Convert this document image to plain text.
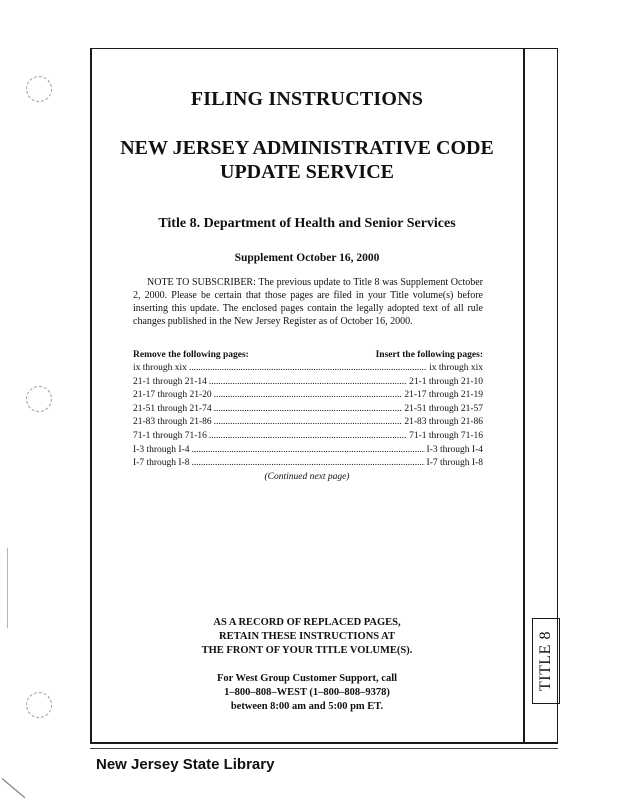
TITLE 8
FILING INSTRUCTIONS
NEW JERSEY ADMINISTRATIVE CODE
UPDATE SERVICE
Title 8. Department of Health and Senior Services
Supplement October 16, 2000
NOTE TO SUBSCRIBER: The previous update to Title 8 was Supplement October 2, 2000. Please be certain that those pages are filed in your Title volume(s) before inserting this update. The enclosed pages contain the legally adopted text of all rule changes published in the New Jersey Register as of October 16, 2000.
Remove the following pages:	Insert the following pages:
ix through xix . . .	ix through xix
21-1 through 21-14 . . .	21-1 through 21-10
21-17 through 21-20 . . .	21-17 through 21-19
21-51 through 21-74 . . .	21-51 through 21-57
21-83 through 21-86 . . .	21-83 through 21-86
71-1 through 71-16 . . .	71-1 through 71-16
I-3 through I-4 . . .	I-3 through I-4
I-7 through I-8 . . .	I-7 through I-8
(Continued next page)
AS A RECORD OF REPLACED PAGES,
RETAIN THESE INSTRUCTIONS AT
THE FRONT OF YOUR TITLE VOLUME(S).
For West Group Customer Support, call
1–800–808–WEST (1–800–808–9378)
between 8:00 am and 5:00 pm ET.
New Jersey State Library
